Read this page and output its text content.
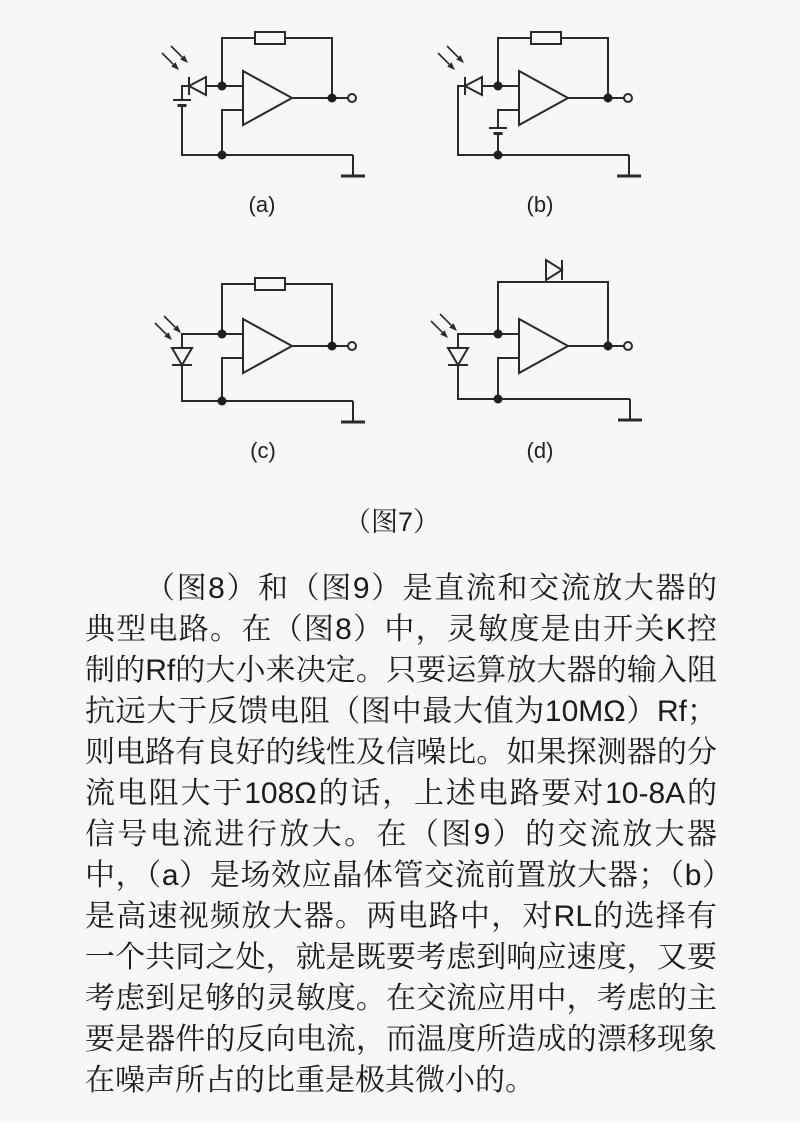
(a)	(b)
(c)	(d)
（图7）

（图8）和（图9）是直流和交流放大器的典型电路。在（图8）中，灵敏度是由开关K控制的Rf的大小来决定。只要运算放大器的输入阻抗远大于反馈电阻（图中最大值为10MΩ）Rf；则电路有良好的线性及信噪比。如果探测器的分流电阻大于108Ω的话，上述电路要对10-8A的信号电流进行放大。在（图9）的交流放大器中，（a）是场效应晶体管交流前置放大器；（b）是高速视频放大器。两电路中，对RL的选择有一个共同之处，就是既要考虑到响应速度，又要考虑到足够的灵敏度。在交流应用中，考虑的主要是器件的反向电流，而温度所造成的漂移现象在噪声所占的比重是极其微小的。
